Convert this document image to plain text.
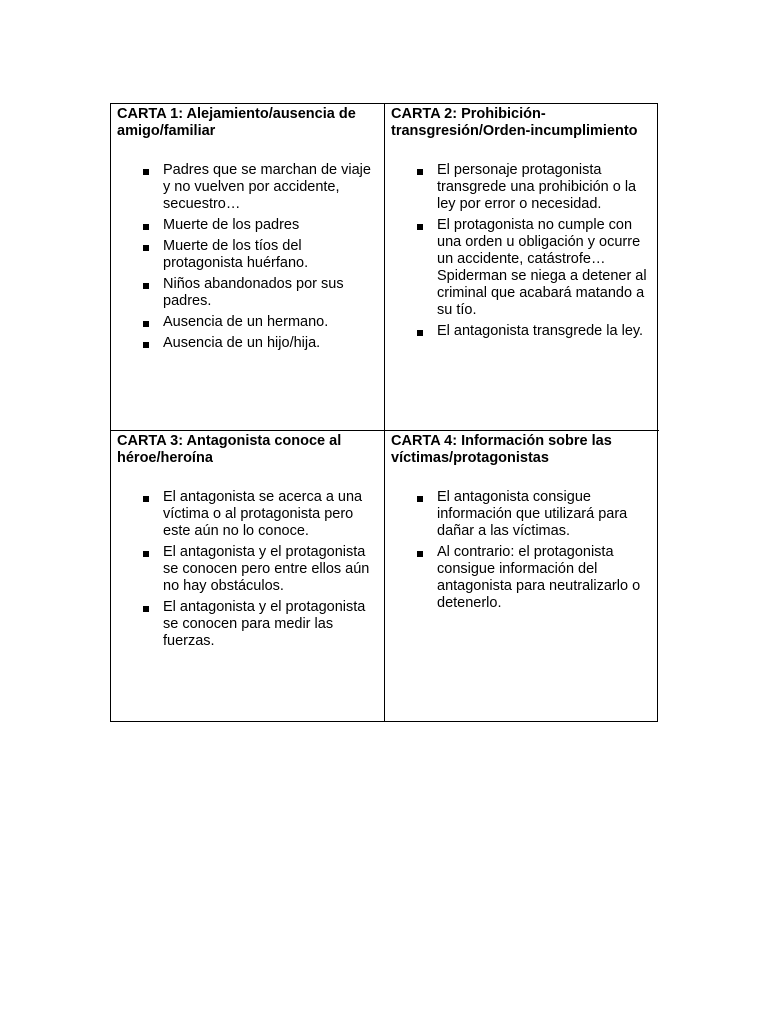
CARTA 1: Alejamiento/ausencia de amigo/familiar

Padres que se marchan de viaje y no vuelven por accidente, secuestro…
Muerte de los padres
Muerte de los tíos del protagonista huérfano.
Niños abandonados por sus padres.
Ausencia de un hermano.
Ausencia de un hijo/hija.

CARTA 2: Prohibición-transgresión/Orden-incumplimiento

El personaje protagonista transgrede una prohibición o la ley por error o necesidad.
El protagonista no cumple con una orden u obligación y ocurre un accidente, catástrofe… Spiderman se niega a detener al criminal que acabará matando a su tío.
El antagonista transgrede la ley.

CARTA 3: Antagonista conoce al héroe/heroína

El antagonista se acerca a una víctima o al protagonista pero este aún no lo conoce.
El antagonista y el protagonista se conocen pero entre ellos aún no hay obstáculos.
El antagonista y el protagonista se conocen para medir las fuerzas.

CARTA 4: Información sobre las víctimas/protagonistas

El antagonista consigue información que utilizará para dañar a las víctimas.
Al contrario: el protagonista consigue información del antagonista para neutralizarlo o detenerlo.
